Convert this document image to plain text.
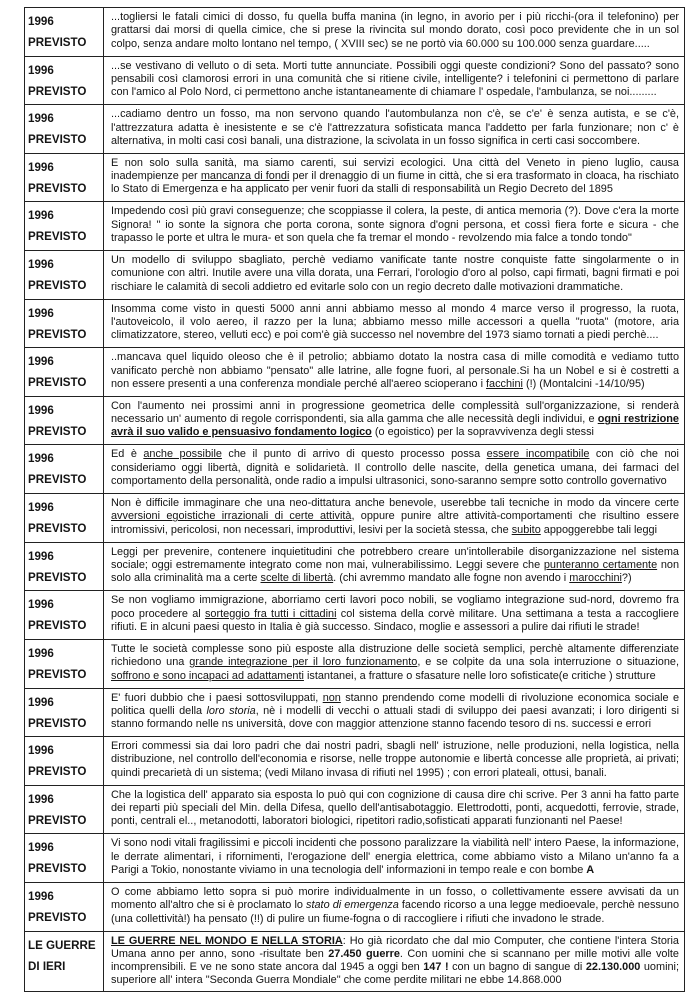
1996
PREVISTO
...togliersi le fatali cimici di dosso, fu quella buffa manina (in legno, in avorio per i più ricchi-(ora il telefonino) per grattarsi dai morsi di quella cimice, che si prese la rivincita sul mondo dorato, così poco previdente che in un sol colpo, senza andare molto lontano nel tempo, ( XVIII sec) se ne portò via 60.000 su 100.000 senza guardare.....
1996
PREVISTO
...se vestivano di velluto o di seta. Morti tutte annunciate. Possibili oggi queste condizioni? Sono del passato? sono pensabili così clamorosi errori in una comunità che si ritiene civile, intelligente? i telefonini ci permettono di parlare con l'amico al Polo Nord, ci permettono anche istantaneamente di chiamare l' ospedale, l'ambulanza, se noi.........
1996
PREVISTO
...cadiamo dentro un fosso, ma non servono quando l'autombulanza non c'è, se c'e' è senza autista, e se c'è, l'attrezzatura adatta è inesistente e se c'è l'attrezzatura sofisticata manca l'addetto per farla funzionare; non c' è alternativa, in molti casi così banali, una distrazione, la scivolata in un fosso significa in certi casi soccombere.
1996
PREVISTO
E non solo sulla sanità, ma siamo carenti, sui servizi ecologici. Una città del Veneto in pieno luglio, causa inadempienze per mancanza di fondi per il drenaggio di un fiume in città, che si era trasformato in cloaca, ha rischiato lo Stato di Emergenza e ha applicato per venir fuori da stalli di responsabilità un Regio Decreto del 1895
1996
PREVISTO
Impedendo così più gravi conseguenze; che scoppiasse il colera, la peste, di antica memoria (?). Dove c'era la morte Signora! " io sonte la signora che porta corona, sonte signora d'ogni persona, et cossì fiera forte e sicura - che trapasso le porte et ultra le mura- et son quela che fa tremar el mondo - revolzendo mia falce a tondo tondo"
1996
PREVISTO
Un modello di sviluppo sbagliato, perchè vediamo vanificate tante nostre conquiste fatte singolarmente o in comunione con altri. Inutile avere una villa dorata, una Ferrari, l'orologio d'oro al polso, capi firmati, bagni firmati e poi rischiare le calamità di secoli addietro ed evitarle solo con un regio decreto dalle motivazioni drammatiche.
1996
PREVISTO
Insomma come visto in questi 5000 anni anni abbiamo messo al mondo 4 marce verso il progresso, la ruota, l'autoveicolo, il volo aereo, il razzo per la luna; abbiamo messo mille accessori a quella "ruota" (motore, aria climatizzatore, stereo, velluti ecc) e poi com'è già successo nel novembre del 1973 siamo tornati a piedi perchè....
1996
PREVISTO
..mancava quel liquido oleoso che è il petrolio; abbiamo dotato la nostra casa di mille comodità e vediamo tutto vanificato perchè non abbiamo "pensato" alle latrine, alle fogne fuori, al personale.Si ha un Nobel e si è costretti a non essere presenti a una conferenza mondiale perché all'aereo scioperano i facchini (!) (Montalcini -14/10/95)
1996
PREVISTO
Con l'aumento nei prossimi anni in progressione geometrica delle complessità sull'organizzazione, si renderà necessario un' aumento di regole corrispondenti, sia alla gamma che alle necessità degli individui, e ogni restrizione avrà il suo valido e pensuasivo fondamento logico (o egoistico) per la sopravvivenza degli stessi
1996
PREVISTO
Ed è anche possibile che il punto di arrivo di questo processo possa essere incompatibile con ciò che noi consideriamo oggi libertà, dignità e solidarietà. Il controllo delle nascite, della genetica umana, dei farmaci del comportamento della personalità, onde radio a impulsi ultrasonici, sono-saranno sempre sotto controllo governativo
1996
PREVISTO
Non è difficile immaginare che una neo-dittatura anche benevole, userebbe tali tecniche in modo da vincere certe avversioni egoistiche irrazionali di certe attività, oppure punire altre attività-comportamenti che risultino essere intromissivi, pericolosi, non necessari, improduttivi, lesivi per la società stessa, che subito appoggerebbe tali leggi
1996
PREVISTO
Leggi per prevenire, contenere inquietitudini che potrebbero creare un'intollerabile disorganizzazione nel sistema sociale; oggi estremamente integrato come non mai, vulnerabilissimo. Leggi severe che punteranno certamente non solo alla criminalità ma a certe scelte di libertà. (chi avremmo mandato alle fogne non avendo i marocchini?)
1996
PREVISTO
Se non vogliamo immigrazione, aborriamo certi lavori poco nobili, se vogliamo integrazione sud-nord, dovremo fra poco procedere al sorteggio fra tutti i cittadini col sistema della corvè militare. Una settimana a testa a raccogliere rifiuti. E in alcuni paesi questo in Italia è già successo. Sindaco, moglie e assessori a pulire dai rifiuti le strade!
1996
PREVISTO
Tutte le società complesse sono più esposte alla distruzione delle società semplici, perchè altamente differenziate richiedono una grande integrazione per il loro funzionamento, e se colpite da una sola interruzione o situazione, soffrono e sono incapaci ad adattamenti istantanei, a fratture o sfasature nelle loro sofisticate(e critiche ) strutture
1996
PREVISTO
E' fuori dubbio che i paesi sottosviluppati, non stanno prendendo come modelli di rivoluzione economica sociale e politica quelli della loro storia, nè i modelli di vecchi o attuali stadi di sviluppo dei paesi avanzati; i loro dirigenti si stanno formando nelle ns università, dove con maggior attenzione stanno facendo tesoro di ns. successi e errori
1996
PREVISTO
Errori commessi sia dai loro padri che dai nostri padri, sbagli nell' istruzione, nelle produzioni, nella logistica, nella distribuzione, nel controllo dell'economia e risorse, nelle troppe autonomie e libertà concesse alle proprietà, ai privati; quindi precarietà di un sistema; (vedi Milano invasa di rifiuti nel 1995) ; con errori plateali, ottusi, banali.
1996
PREVISTO
Che la logistica dell' apparato sia esposta lo può qui con cognizione di causa dire chi scrive. Per 3 anni ha fatto parte dei reparti più speciali del Min. della Difesa, quello dell'antisabotaggio. Elettrodotti, ponti, acquedotti, ferrovie, strade, ponti, centrali el.., metanodotti, laboratori biologici, ripetitori radio,sofisticati apparati funzionanti nel Paese!
1996
PREVISTO
Vi sono nodi vitali fragilissimi e piccoli incidenti che possono paralizzare la viabilità nell' intero Paese, la informazione, le derrate alimentari, i rifornimenti, l'erogazione dell' energia elettrica, come abbiamo visto a Milano un'anno fa a Parigi a Tokio, nonostante viviamo in una tecnologia dell' informazioni in tempo reale e con bombe A
1996
PREVISTO
O come abbiamo letto sopra si può morire individualmente in un fosso, o collettivamente essere avvisati da un momento all'altro che si è proclamato lo stato di emergenza facendo ricorso a una legge medioevale, perchè nessuno (una collettività!) ha pensato (!!) di pulire un fiume-fogna o di raccogliere i rifiuti che invadono le strade.
LE GUERRE
DI IERI
LE GUERRE NEL MONDO E NELLA STORIA: Ho già ricordato che dal mio Computer, che contiene l'intera Storia Umana anno per anno, sono -risultate ben 27.450 guerre. Con uomini che si scannano per mille motivi alle volte incomprensibili. E ve ne sono state ancora dal 1945 a oggi ben 147 ! con un bagno di sangue di 22.130.000 uomini; superiore all' intera "Seconda Guerra Mondiale" che come perdite militari ne ebbe 14.868.000
